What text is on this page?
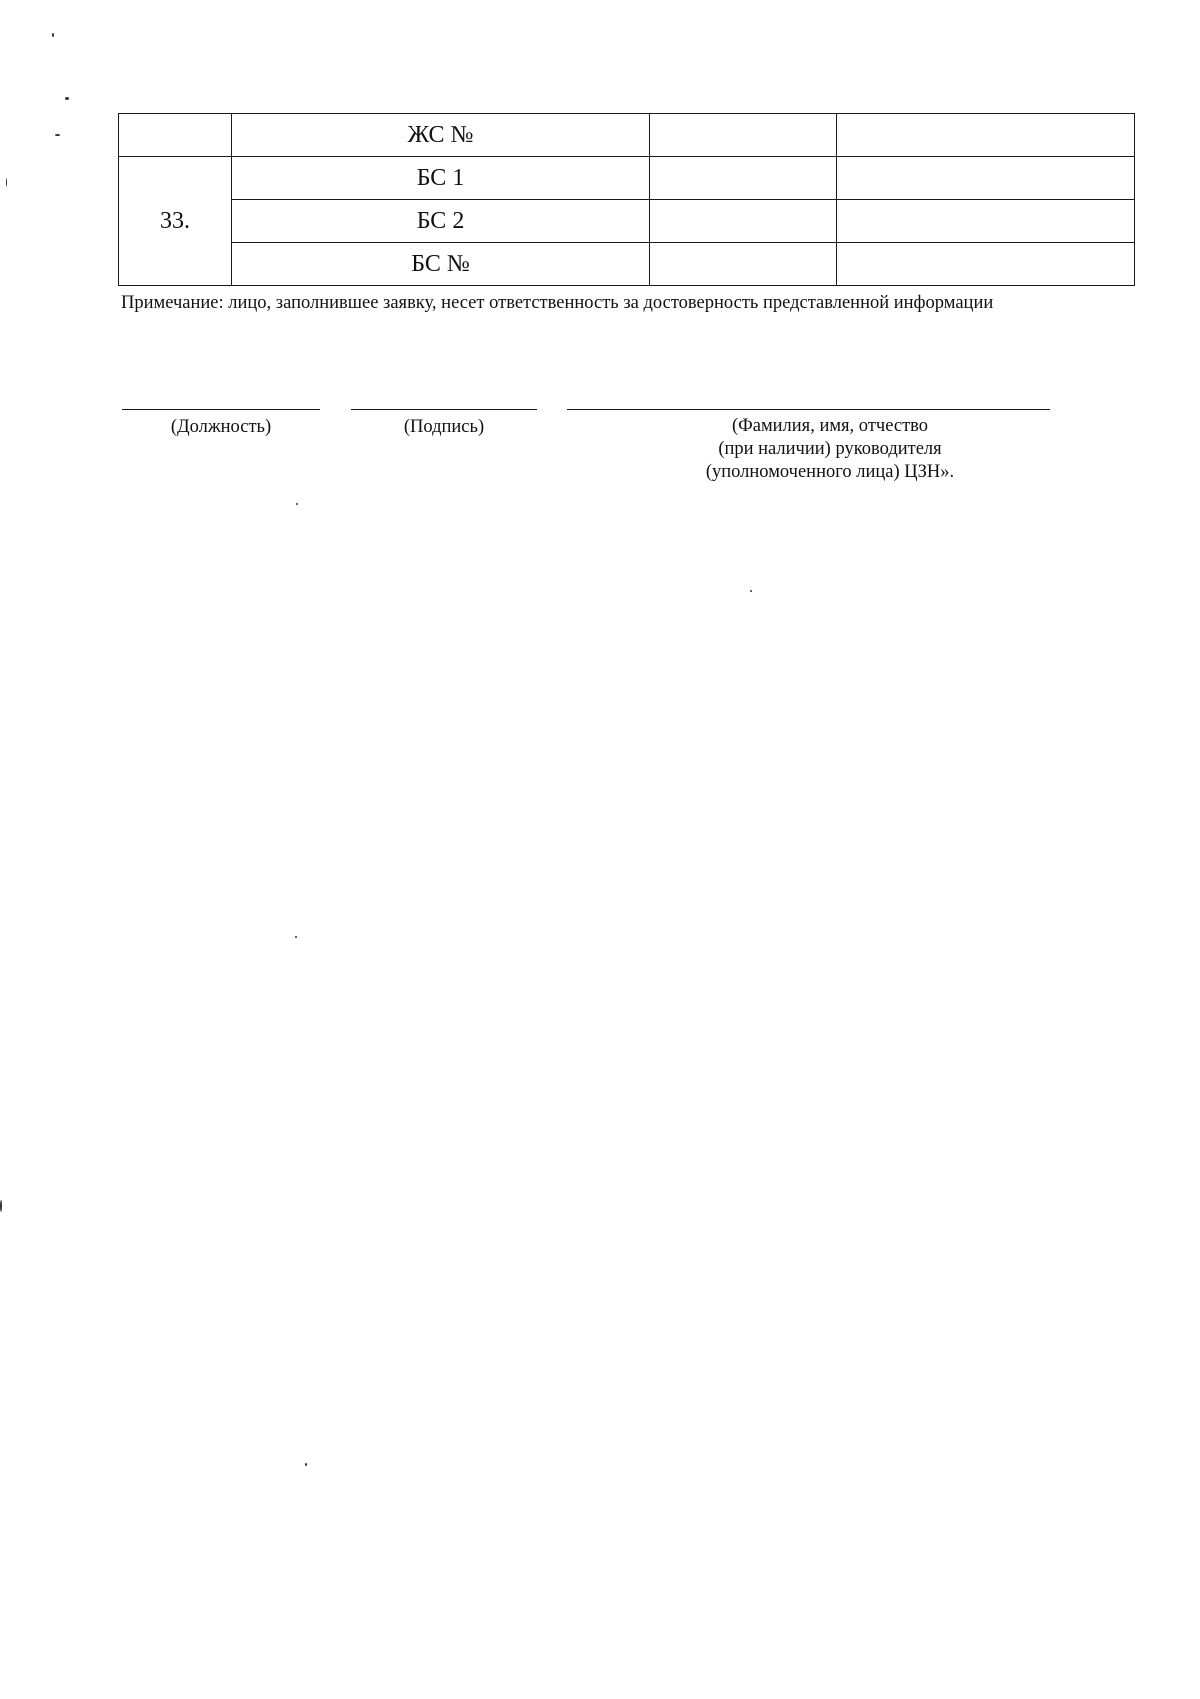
	ЖС №		
33.	БС 1		
	БС 2		
	БС №		
Примечание: лицо, заполнившее заявку, несет ответственность за достоверность представленной информации
(Должность)	(Подпись)	(Фамилия, имя, отчество
(при наличии) руководителя
(уполномоченного лица) ЦЗН».
